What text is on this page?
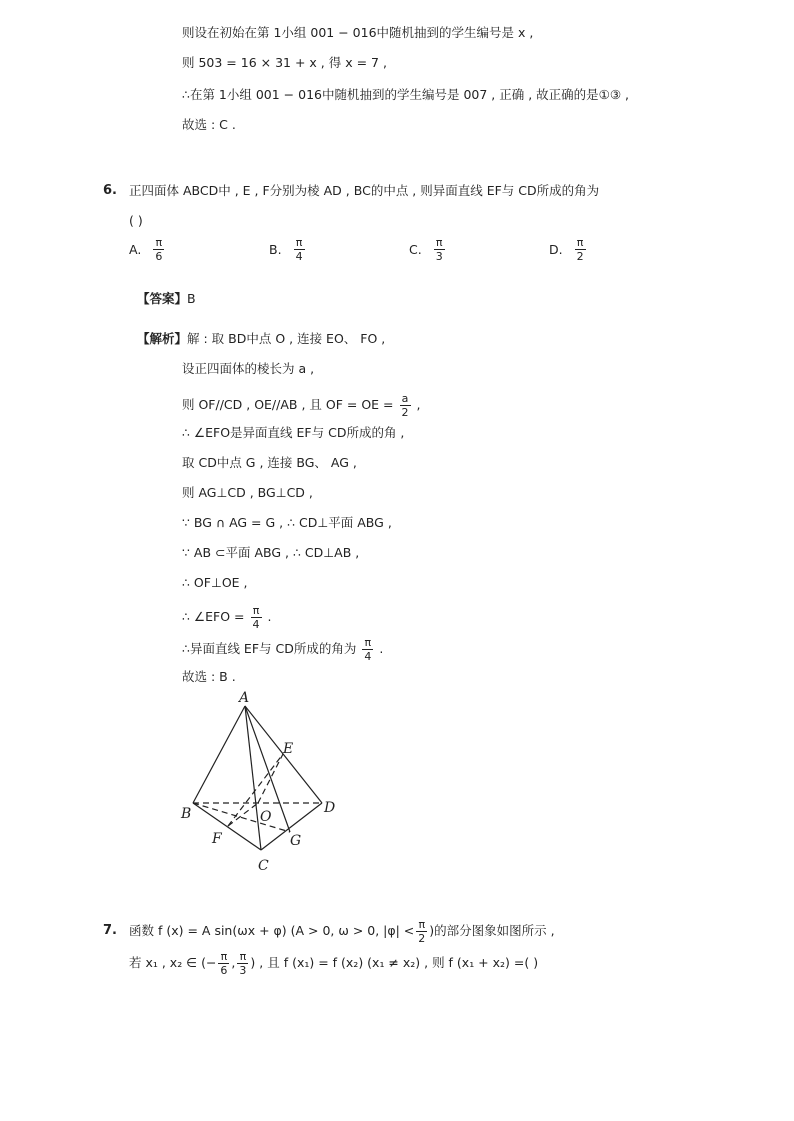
则设在初始在第 1小组 001 − 016中随机抽到的学生编号是 x ,
则 503 = 16 × 31 + x , 得 x = 7 ,
∴在第 1小组 001 − 016中随机抽到的学生编号是 007 , 正确 , 故正确的是①③ ,
故选 : C .
6. 正四面体 ABCD中 , E , F分别为棱 AD , BC的中点 , 则异面直线 EF与 CD所成的角为
( )
A. $\frac{\pi}{6}$	B. $\frac{\pi}{4}$	C. $\frac{\pi}{3}$	D. $\frac{\pi}{2}$
【答案】B
【解析】解 : 取 BD中点 O , 连接 EO、 FO ,
设正四面体的棱长为 a ,
则 OF//CD , OE//AB , 且 OF = OE = $\frac{a}{2}$ ,
∴ ∠EFO是异面直线 EF与 CD所成的角 ,
取 CD中点 G , 连接 BG、 AG ,
则 AG⊥CD , BG⊥CD ,
∵ BG ∩ AG = G , ∴ CD⊥平面 ABG ,
∵ AB ⊂平面 ABG , ∴ CD⊥AB ,
∴ OF⊥OE ,
∴ ∠EFO = $\frac{\pi}{4}$ .
∴异面直线 EF与 CD所成的角为 $\frac{\pi}{4}$ .
故选 : B .
A
B
C
D
E
F
O
G
7. 函数 f (x) = A sin(ωx + φ) (A > 0, ω > 0, $|\varphi| < \frac{\pi}{2}$ )的部分图象如图所示 ,
若 x₁ , x₂ ∈ (− $\frac{\pi}{6}$ , $\frac{\pi}{3}$ ) , 且 f (x₁) = f (x₂) (x₁ ≠ x₂) , 则 f (x₁ + x₂) =( )
